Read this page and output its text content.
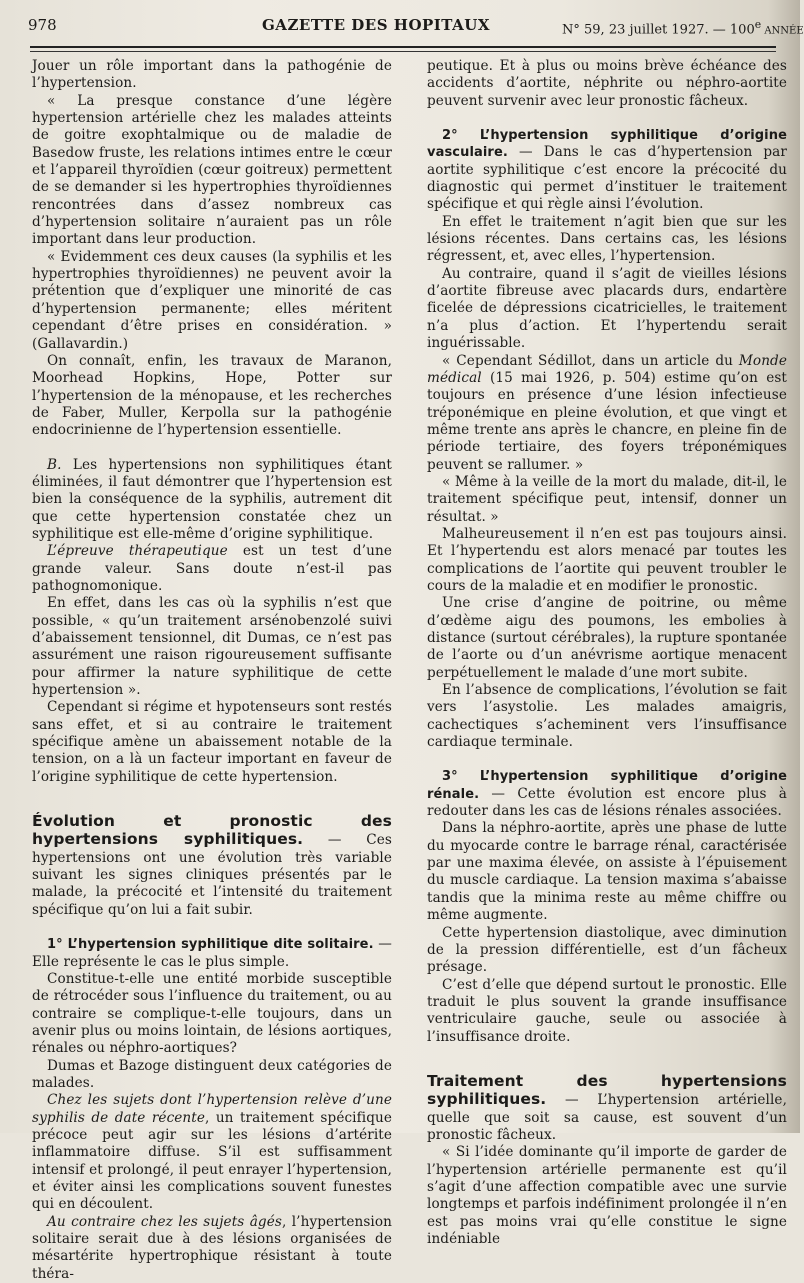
978	GAZETTE DES HOPITAUX	N° 59, 23 juillet 1927. — 100e ANNÉE

Jouer un rôle important dans la pathogénie de l’hypertension.

« La presque constance d’une légère hypertension artérielle chez les malades atteints de goitre exophtalmique ou de maladie de Basedow fruste, les relations intimes entre le cœur et l’appareil thyroïdien (cœur goitreux) permettent de se demander si les hypertrophies thyroïdiennes rencontrées dans d’assez nombreux cas d’hypertension solitaire n’auraient pas un rôle important dans leur production.

« Evidemment ces deux causes (la syphilis et les hypertrophies thyroïdiennes) ne peuvent avoir la prétention que d’expliquer une minorité de cas d’hypertension permanente; elles méritent cependant d’être prises en considération. » (Gallavardin.)

On connaît, enfin, les travaux de Maranon, Moorhead Hopkins, Hope, Potter sur l’hypertension de la ménopause, et les recherches de Faber, Muller, Kerpolla sur la pathogénie endocrinienne de l’hypertension essentielle.

B. Les hypertensions non syphilitiques étant éliminées, il faut démontrer que l’hypertension est bien la conséquence de la syphilis, autrement dit que cette hypertension constatée chez un syphilitique est elle-même d’origine syphilitique.

L’épreuve thérapeutique est un test d’une grande valeur. Sans doute n’est-il pas pathognomonique.

En effet, dans les cas où la syphilis n’est que possible, « qu’un traitement arsénobenzolé suivi d’abaissement tensionnel, dit Dumas, ce n’est pas assurément une raison rigoureusement suffisante pour affirmer la nature syphilitique de cette hypertension ».

Cependant si régime et hypotenseurs sont restés sans effet, et si au contraire le traitement spécifique amène un abaissement notable de la tension, on a là un facteur important en faveur de l’origine syphilitique de cette hypertension.

Évolution et pronostic des hypertensions syphilitiques. — Ces hypertensions ont une évolution très variable suivant les signes cliniques présentés par le malade, la précocité et l’intensité du traitement spécifique qu’on lui a fait subir.

1° L’hypertension syphilitique dite solitaire. — Elle représente le cas le plus simple.

Constitue-t-elle une entité morbide susceptible de rétrocéder sous l’influence du traitement, ou au contraire se complique-t-elle toujours, dans un avenir plus ou moins lointain, de lésions aortiques, rénales ou néphro-aortiques?

Dumas et Bazoge distinguent deux catégories de malades.

Chez les sujets dont l’hypertension relève d’une syphilis de date récente, un traitement spécifique précoce peut agir sur les lésions d’artérite inflammatoire diffuse. S’il est suffisamment intensif et prolongé, il peut enrayer l’hypertension, et éviter ainsi les complications souvent funestes qui en découlent.

Au contraire chez les sujets âgés, l’hypertension solitaire serait due à des lésions organisées de mésartérite hypertrophique résistant à toute théra-

peutique. Et à plus ou moins brève échéance des accidents d’aortite, néphrite ou néphro-aortite peuvent survenir avec leur pronostic fâcheux.

2° L’hypertension syphilitique d’origine vasculaire. — Dans le cas d’hypertension par aortite syphilitique c’est encore la précocité du diagnostic qui permet d’instituer le traitement spécifique et qui règle ainsi l’évolution.

En effet le traitement n’agit bien que sur les lésions récentes. Dans certains cas, les lésions régressent, et, avec elles, l’hypertension.

Au contraire, quand il s’agit de vieilles lésions d’aortite fibreuse avec placards durs, endartère ficelée de dépressions cicatricielles, le traitement n’a plus d’action. Et l’hypertendu serait inguérissable.

« Cependant Sédillot, dans un article du Monde médical (15 mai 1926, p. 504) estime qu’on est toujours en présence d’une lésion infectieuse tréponémique en pleine évolution, et que vingt et même trente ans après le chancre, en pleine fin de période tertiaire, des foyers tréponémiques peuvent se rallumer. »

« Même à la veille de la mort du malade, dit-il, le traitement spécifique peut, intensif, donner un résultat. »

Malheureusement il n’en est pas toujours ainsi. Et l’hypertendu est alors menacé par toutes les complications de l’aortite qui peuvent troubler le cours de la maladie et en modifier le pronostic.

Une crise d’angine de poitrine, ou même d’œdème aigu des poumons, les embolies à distance (surtout cérébrales), la rupture spontanée de l’aorte ou d’un anévrisme aortique menacent perpétuellement le malade d’une mort subite.

En l’absence de complications, l’évolution se fait vers l’asystolie. Les malades amaigris, cachectiques s’acheminent vers l’insuffisance cardiaque terminale.

3° L’hypertension syphilitique d’origine rénale. — Cette évolution est encore plus à redouter dans les cas de lésions rénales associées.

Dans la néphro-aortite, après une phase de lutte du myocarde contre le barrage rénal, caractérisée par une maxima élevée, on assiste à l’épuisement du muscle cardiaque. La tension maxima s’abaisse tandis que la minima reste au même chiffre ou même augmente.

Cette hypertension diastolique, avec diminution de la pression différentielle, est d’un fâcheux présage.

C’est d’elle que dépend surtout le pronostic. Elle traduit le plus souvent la grande insuffisance ventriculaire gauche, seule ou associée à l’insuffisance droite.

Traitement des hypertensions syphilitiques. — L’hypertension artérielle, quelle que soit sa cause, est souvent d’un pronostic fâcheux.

« Si l’idée dominante qu’il importe de garder de l’hypertension artérielle permanente est qu’il s’agit d’une affection compatible avec une survie longtemps et parfois indéfiniment prolongée il n’en est pas moins vrai qu’elle constitue le signe indéniable
